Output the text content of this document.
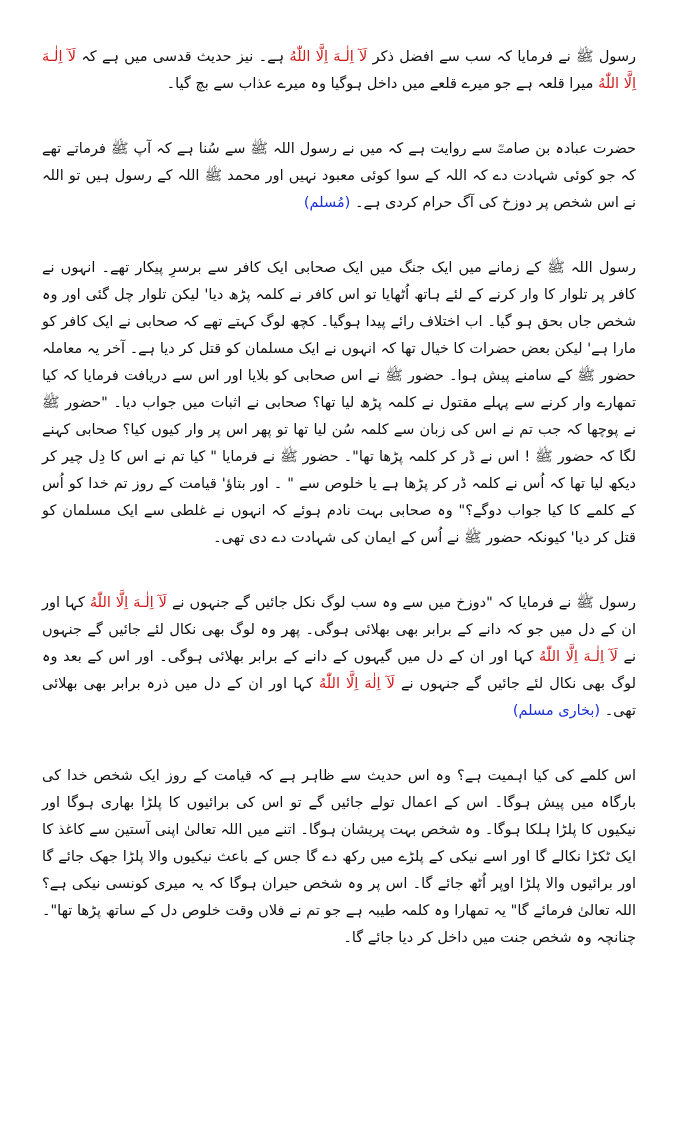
رسول ﷺ نے فرمایا کہ سب سے افضل ذکر لَآ اِلٰـهَ اِلَّا اللّٰهُ ہے۔ نیز حدیث قدسی میں ہے کہ لَآ اِلٰـهَ اِلَّا اللّٰهُ میرا قلعہ ہے جو میرے قلعے میں داخل ہوگیا وہ میرے عذاب سے بچ گیا۔

حضرت عبادہ بن صامتؓ سے روایت ہے کہ میں نے رسول اللہ ﷺ سے سُنا ہے کہ آپ ﷺ فرماتے تھے کہ جو کوئی شہادت دے کہ اللہ کے سوا کوئی معبود نہیں اور محمد ﷺ اللہ کے رسول ہیں تو اللہ نے اس شخص پر دوزخ کی آگ حرام کردی ہے۔ (مُسلم)

رسول اللہ ﷺ کے زمانے میں ایک جنگ میں ایک صحابی ایک کافر سے برسرِ پیکار تھے۔ انہوں نے کافر پر تلوار کا وار کرنے کے لئے ہاتھ اُٹھایا تو اس کافر نے کلمہ پڑھ دیا' لیکن تلوار چل گئی اور وہ شخص جاں بحق ہو گیا۔ اب اختلاف رائے پیدا ہوگیا۔ کچھ لوگ کہتے تھے کہ صحابی نے ایک کافر کو مارا ہے' لیکن بعض حضرات کا خیال تھا کہ انہوں نے ایک مسلمان کو قتل کر دیا ہے۔ آخر یہ معاملہ حضور ﷺ کے سامنے پیش ہوا۔ حضور ﷺ نے اس صحابی کو بلایا اور اس سے دریافت فرمایا کہ کیا تمھارے وار کرنے سے پہلے مقتول نے کلمہ پڑھ لیا تھا؟ صحابی نے اثبات میں جواب دیا۔ "حضور ﷺ نے پوچھا کہ جب تم نے اس کی زبان سے کلمہ سُن لیا تھا تو پھر اس پر وار کیوں کیا؟ صحابی کہنے لگا کہ حضور ﷺ ! اس نے ڈر کر کلمہ پڑھا تھا"۔ حضور ﷺ نے فرمایا " کیا تم نے اس کا دِل چیر کر دیکھ لیا تھا کہ اُس نے کلمہ ڈر کر پڑھا ہے یا خلوص سے " ۔ اور بتاؤ' قیامت کے روز تم خدا کو اُس کے کلمے کا کیا جواب دوگے؟" وہ صحابی بہت نادم ہوئے کہ انہوں نے غلطی سے ایک مسلمان کو قتل کر دیا' کیونکہ حضور ﷺ نے اُس کے ایمان کی شہادت دے دی تھی۔

رسول ﷺ نے فرمایا کہ "دوزخ میں سے وہ سب لوگ نکل جائیں گے جنہوں نے لَآ اِلٰـهَ اِلَّا اللّٰهُ کہا اور ان کے دل میں جو کہ دانے کے برابر بھی بھلائی ہوگی۔ پھر وہ لوگ بھی نکال لئے جائیں گے جنہوں نے لَآ اِلٰـهَ اِلَّا اللّٰهُ کہا اور ان کے دل میں گیہوں کے دانے کے برابر بھلائی ہوگی۔ اور اس کے بعد وہ لوگ بھی نکال لئے جائیں گے جنہوں نے لَآ اِلٰهَ اِلَّا اللّٰهُ کہا اور ان کے دل میں ذرہ برابر بھی بھلائی تھی۔ (بخاری مسلم)

اس کلمے کی کیا اہمیت ہے؟ وہ اس حدیث سے ظاہر ہے کہ قیامت کے روز ایک شخص خدا کی بارگاہ میں پیش ہوگا۔ اس کے اعمال تولے جائیں گے تو اس کی برائیوں کا پلڑا بھاری ہوگا اور نیکیوں کا پلڑا ہلکا ہوگا۔ وہ شخص بہت پریشان ہوگا۔ اتنے میں اللہ تعالیٰ اپنی آستین سے کاغذ کا ایک ٹکڑا نکالے گا اور اسے نیکی کے پلڑے میں رکھ دے گا جس کے باعث نیکیوں والا پلڑا جھک جائے گا اور برائیوں والا پلڑا اوپر اُٹھ جائے گا۔ اس پر وہ شخص حیران ہوگا کہ یہ میری کونسی نیکی ہے؟ اللہ تعالیٰ فرمائے گا" یہ تمھارا وہ کلمہ طیبہ ہے جو تم نے فلاں وقت خلوص دل کے ساتھ پڑھا تھا"۔ چنانچہ وہ شخص جنت میں داخل کر دیا جائے گا۔
